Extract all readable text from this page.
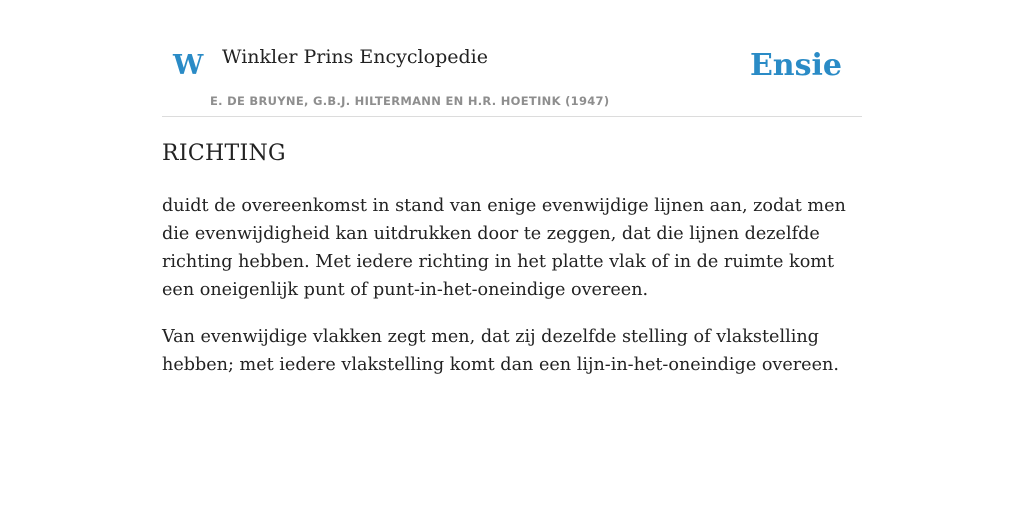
W Winkler Prins Encyclopedie
E. DE BRUYNE, G.B.J. HILTERMANN EN H.R. HOETINK (1947)
Ensie
RICHTING

duidt de overeenkomst in stand van enige evenwijdige lijnen aan, zodat men die evenwijdigheid kan uitdrukken door te zeggen, dat die lijnen dezelfde richting hebben. Met iedere richting in het platte vlak of in de ruimte komt een oneigenlijk punt of punt-in-het-oneindige overeen.

Van evenwijdige vlakken zegt men, dat zij dezelfde stelling of vlakstelling hebben; met iedere vlakstelling komt dan een lijn-in-het-oneindige overeen.
